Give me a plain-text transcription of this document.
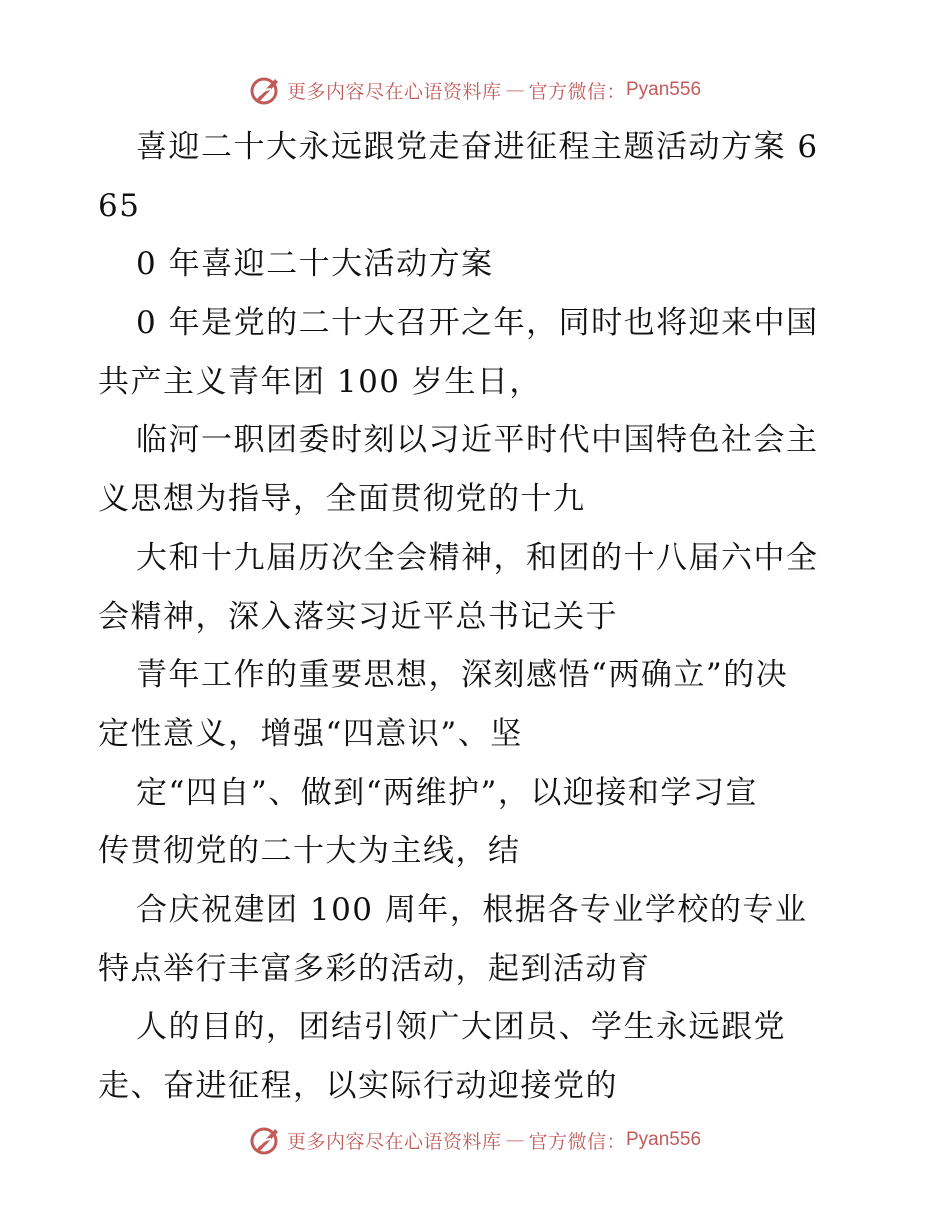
更多内容尽在心语资料库 — 官方微信： Pyan556
喜迎二十大永远跟党走奋进征程主题活动方案 6
65
0 年喜迎二十大活动方案
0 年是党的二十大召开之年，同时也将迎来中国
共产主义青年团 100 岁生日，
临河一职团委时刻以习近平时代中国特色社会主
义思想为指导，全面贯彻党的十九
大和十九届历次全会精神，和团的十八届六中全
会精神，深入落实习近平总书记关于
青年工作的重要思想，深刻感悟“两确立”的决
定性意义，增强“四意识”、坚
定“四自”、做到“两维护”，以迎接和学习宣
传贯彻党的二十大为主线，结
合庆祝建团 100 周年，根据各专业学校的专业
特点举行丰富多彩的活动，起到活动育
人的目的，团结引领广大团员、学生永远跟党
走、奋进征程，以实际行动迎接党的
更多内容尽在心语资料库 — 官方微信： Pyan556
